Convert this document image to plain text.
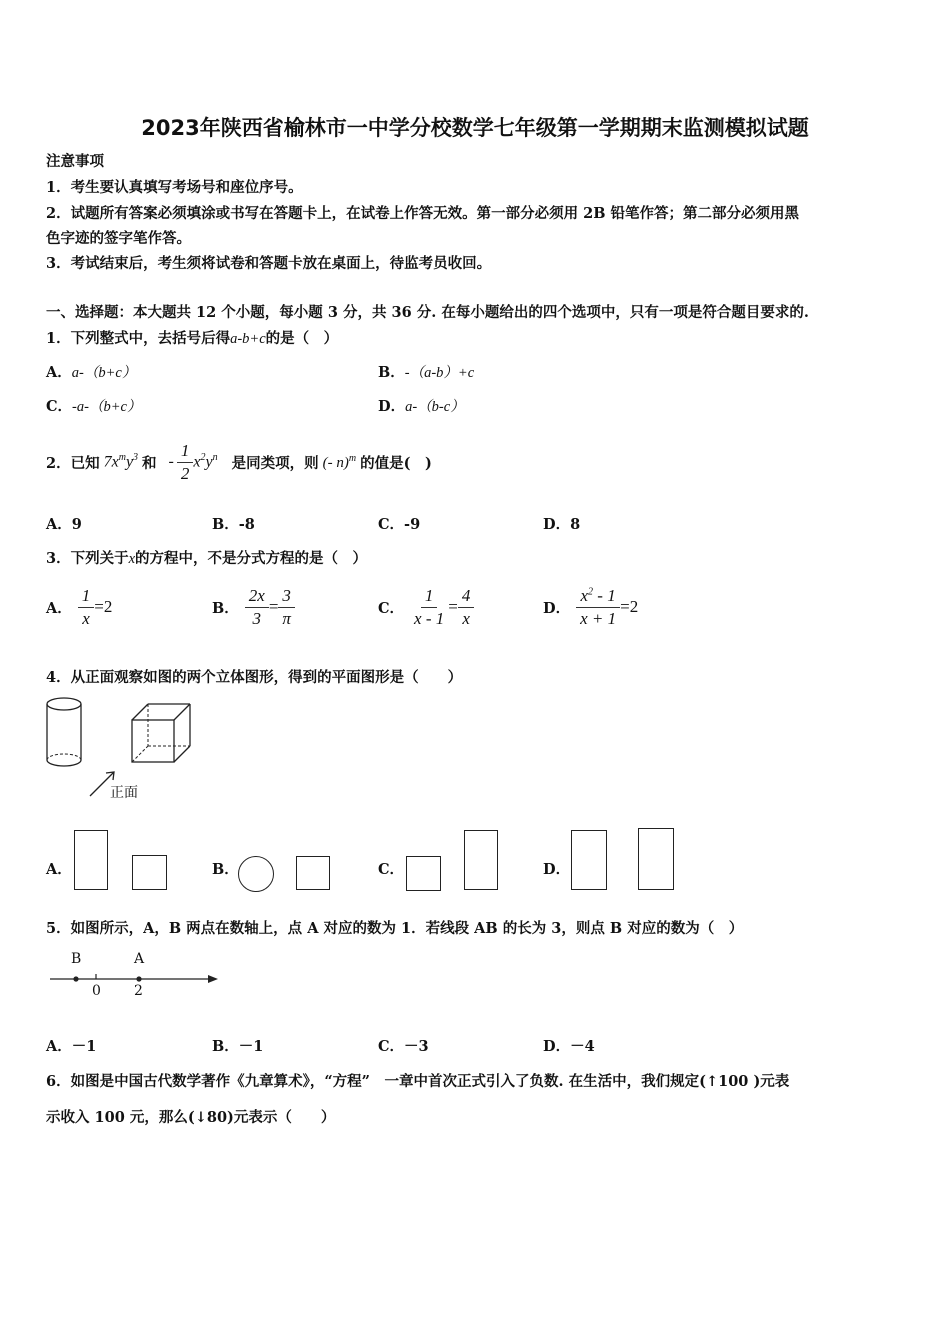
2023年陕西省榆林市一中学分校数学七年级第一学期期末监测模拟试题
注意事项
1．考生要认真填写考场号和座位序号。
2．试题所有答案必须填涂或书写在答题卡上，在试卷上作答无效。第一部分必须用 2B 铅笔作答；第二部分必须用黑
色字迹的签字笔作答。
3．考试结束后，考生须将试卷和答题卡放在桌面上，待监考员收回。
一、选择题：本大题共 12 个小题，每小题 3 分，共 36 分. 在每小题给出的四个选项中，只有一项是符合题目要求的.
1．下列整式中，去括号后得a-b+c的是（　）
A．a-（b+c）	B．-（a-b）+c
C．-a-（b+c）	D．a-（b-c）
2．已知 $7x^my^3$ 和 - $\frac{1}{2} x^2y^n$ 是同类项，则 (- n)$^m$ 的值是(　)
A．9	B．-8	C．-9	D．8
3．下列关于x的方程中，不是分式方程的是（　）
A． $\frac{1}{x} =2$	B． $\frac{2x}{3} = \frac{3}{\pi}$	C． $\frac{1}{x - 1} = \frac{4}{x}$	D． $\frac{x^2 - 1}{x + 1} =2$
4．从正面观察如图的两个立体图形，得到的平面图形是（　　）
正面
A．	B．	C．	D．
5．如图所示，A，B 两点在数轴上，点 A 对应的数为 1．若线段 AB 的长为 3，则点 B 对应的数为（　）
B	A
0 2
A．－1	B．－1	C．－3	D．－4
6．如图是中国古代数学著作《九章算术》，“方程”　一章中首次正式引入了负数. 在生活中，我们规定(↑100 )元表
示收入 100 元，那么(↓80)元表示（　　）
